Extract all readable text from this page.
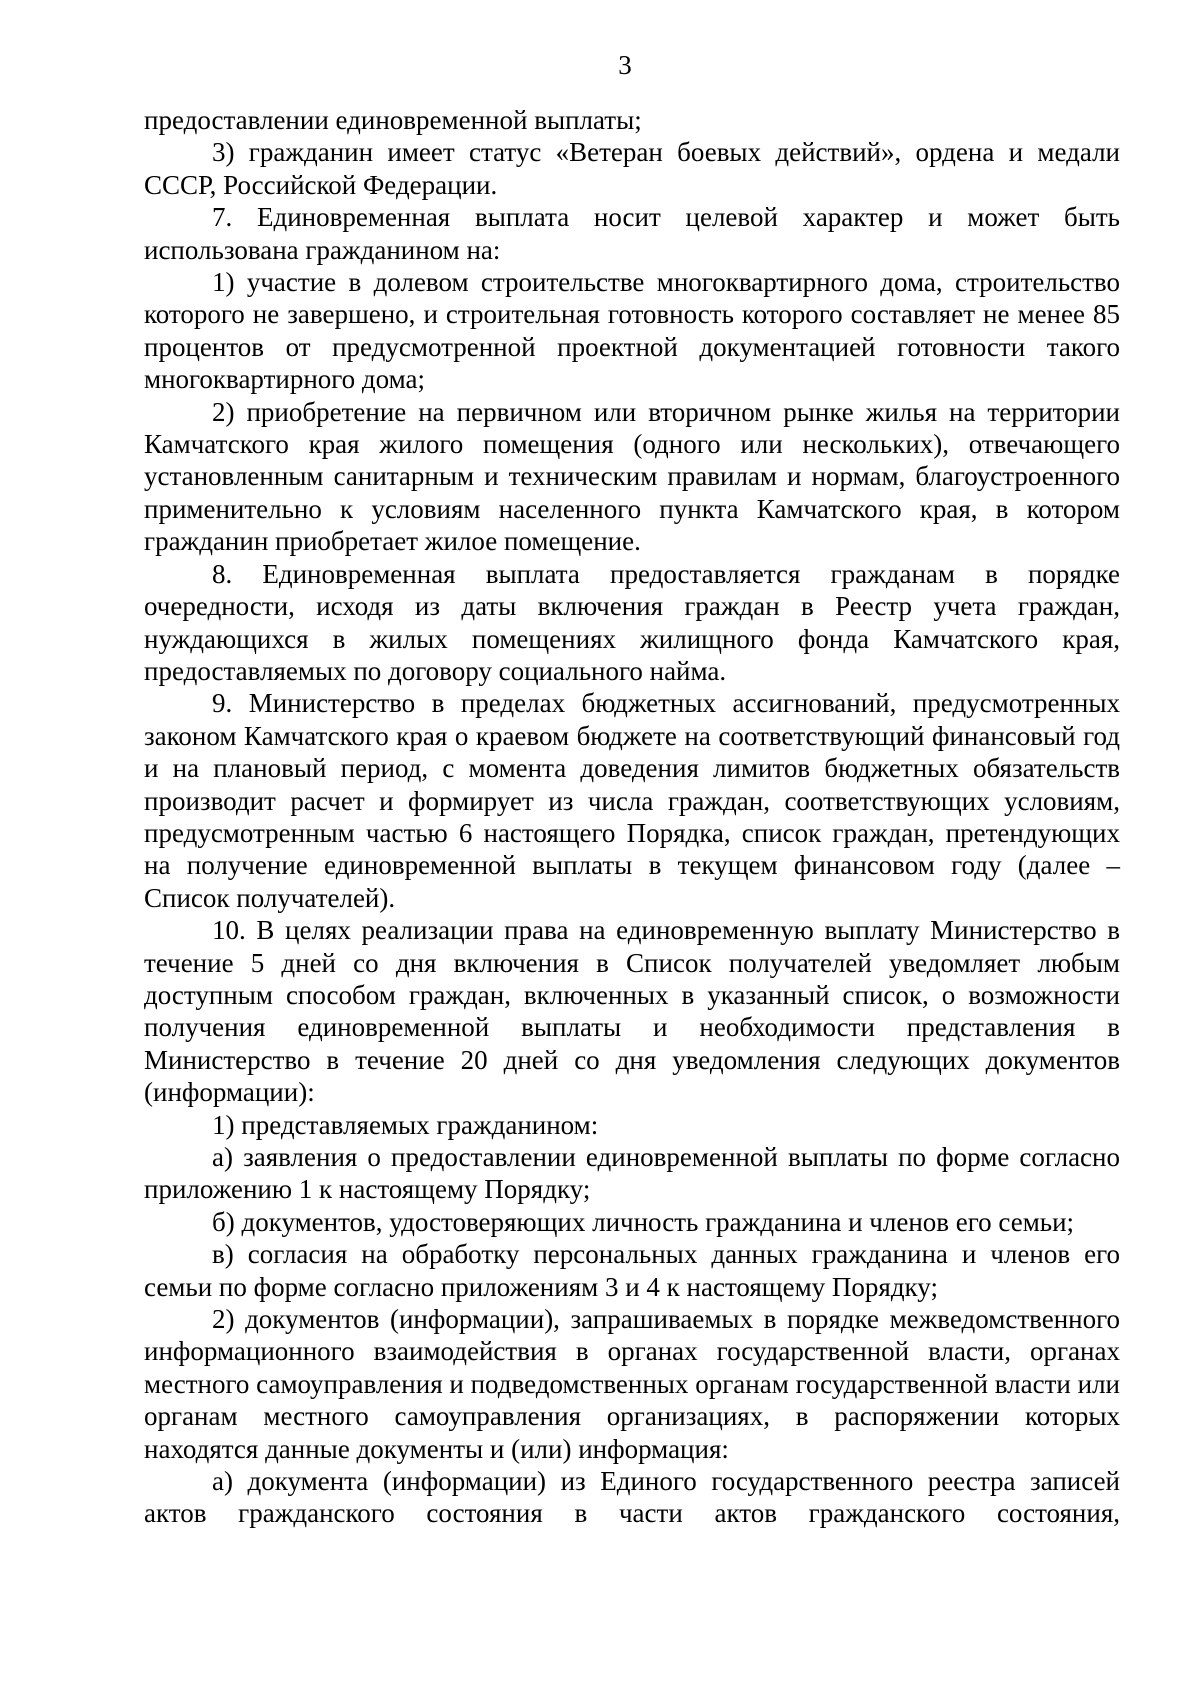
3

предоставлении единовременной выплаты;

3) гражданин имеет статус «Ветеран боевых действий», ордена и медали СССР, Российской Федерации.

7. Единовременная выплата носит целевой характер и может быть использована гражданином на:

1) участие в долевом строительстве многоквартирного дома, строительство которого не завершено, и строительная готовность которого составляет не менее 85 процентов от предусмотренной проектной документацией готовности такого многоквартирного дома;

2) приобретение на первичном или вторичном рынке жилья на территории Камчатского края жилого помещения (одного или нескольких), отвечающего установленным санитарным и техническим правилам и нормам, благоустроенного применительно к условиям населенного пункта Камчатского края, в котором гражданин приобретает жилое помещение.

8. Единовременная выплата предоставляется гражданам в порядке очередности, исходя из даты включения граждан в Реестр учета граждан, нуждающихся в жилых помещениях жилищного фонда Камчатского края, предоставляемых по договору социального найма.

9. Министерство в пределах бюджетных ассигнований, предусмотренных законом Камчатского края о краевом бюджете на соответствующий финансовый год и на плановый период, с момента доведения лимитов бюджетных обязательств производит расчет и формирует из числа граждан, соответствующих условиям, предусмотренным частью 6 настоящего Порядка, список граждан, претендующих на получение единовременной выплаты в текущем финансовом году (далее – Список получателей).

10. В целях реализации права на единовременную выплату Министерство в течение 5 дней со дня включения в Список получателей уведомляет любым доступным способом граждан, включенных в указанный список, о возможности получения единовременной выплаты и необходимости представления в Министерство в течение 20 дней со дня уведомления следующих документов (информации):

1) представляемых гражданином:

а) заявления о предоставлении единовременной выплаты по форме согласно приложению 1 к настоящему Порядку;

б) документов, удостоверяющих личность гражданина и членов его семьи;

в) согласия на обработку персональных данных гражданина и членов его семьи по форме согласно приложениям 3 и 4 к настоящему Порядку;

2) документов (информации), запрашиваемых в порядке межведомственного информационного взаимодействия в органах государственной власти, органах местного самоуправления и подведомственных органам государственной власти или органам местного самоуправления организациях, в распоряжении которых находятся данные документы и (или) информация:

а) документа (информации) из Единого государственного реестра записей актов гражданского состояния в части актов гражданского состояния,
